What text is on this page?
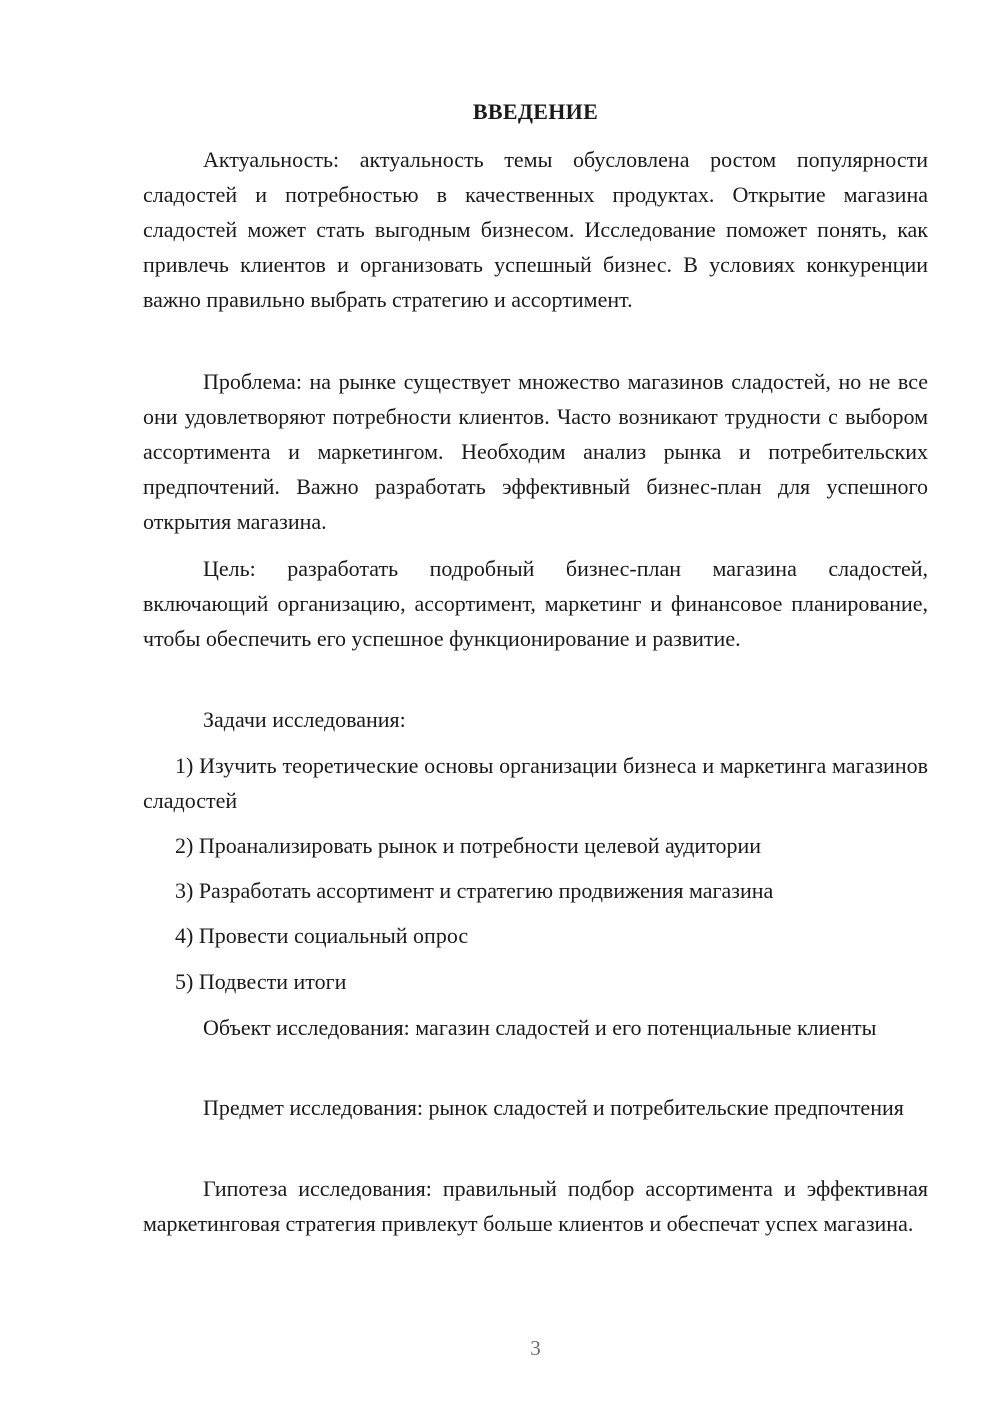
ВВЕДЕНИЕ

Актуальность: актуальность темы обусловлена ростом популярности сладостей и потребностью в качественных продуктах. Открытие магазина сладостей может стать выгодным бизнесом. Исследование поможет понять, как привлечь клиентов и организовать успешный бизнес. В условиях конкуренции важно правильно выбрать стратегию и ассортимент.

Проблема: на рынке существует множество магазинов сладостей, но не все они удовлетворяют потребности клиентов. Часто возникают трудности с выбором ассортимента и маркетингом. Необходим анализ рынка и потребительских предпочтений. Важно разработать эффективный бизнес-план для успешного открытия магазина.

Цель: разработать подробный бизнес-план магазина сладостей, включающий организацию, ассортимент, маркетинг и финансовое планирование, чтобы обеспечить его успешное функционирование и развитие.

Задачи исследования:

1) Изучить теоретические основы организации бизнеса и маркетинга магазинов сладостей

2) Проанализировать рынок и потребности целевой аудитории

3) Разработать ассортимент и стратегию продвижения магазина

4) Провести социальный опрос

5) Подвести итоги

Объект исследования: магазин сладостей и его потенциальные клиенты

Предмет исследования: рынок сладостей и потребительские предпочтения

Гипотеза исследования: правильный подбор ассортимента и эффективная маркетинговая стратегия привлекут больше клиентов и обеспечат успех магазина.

3
